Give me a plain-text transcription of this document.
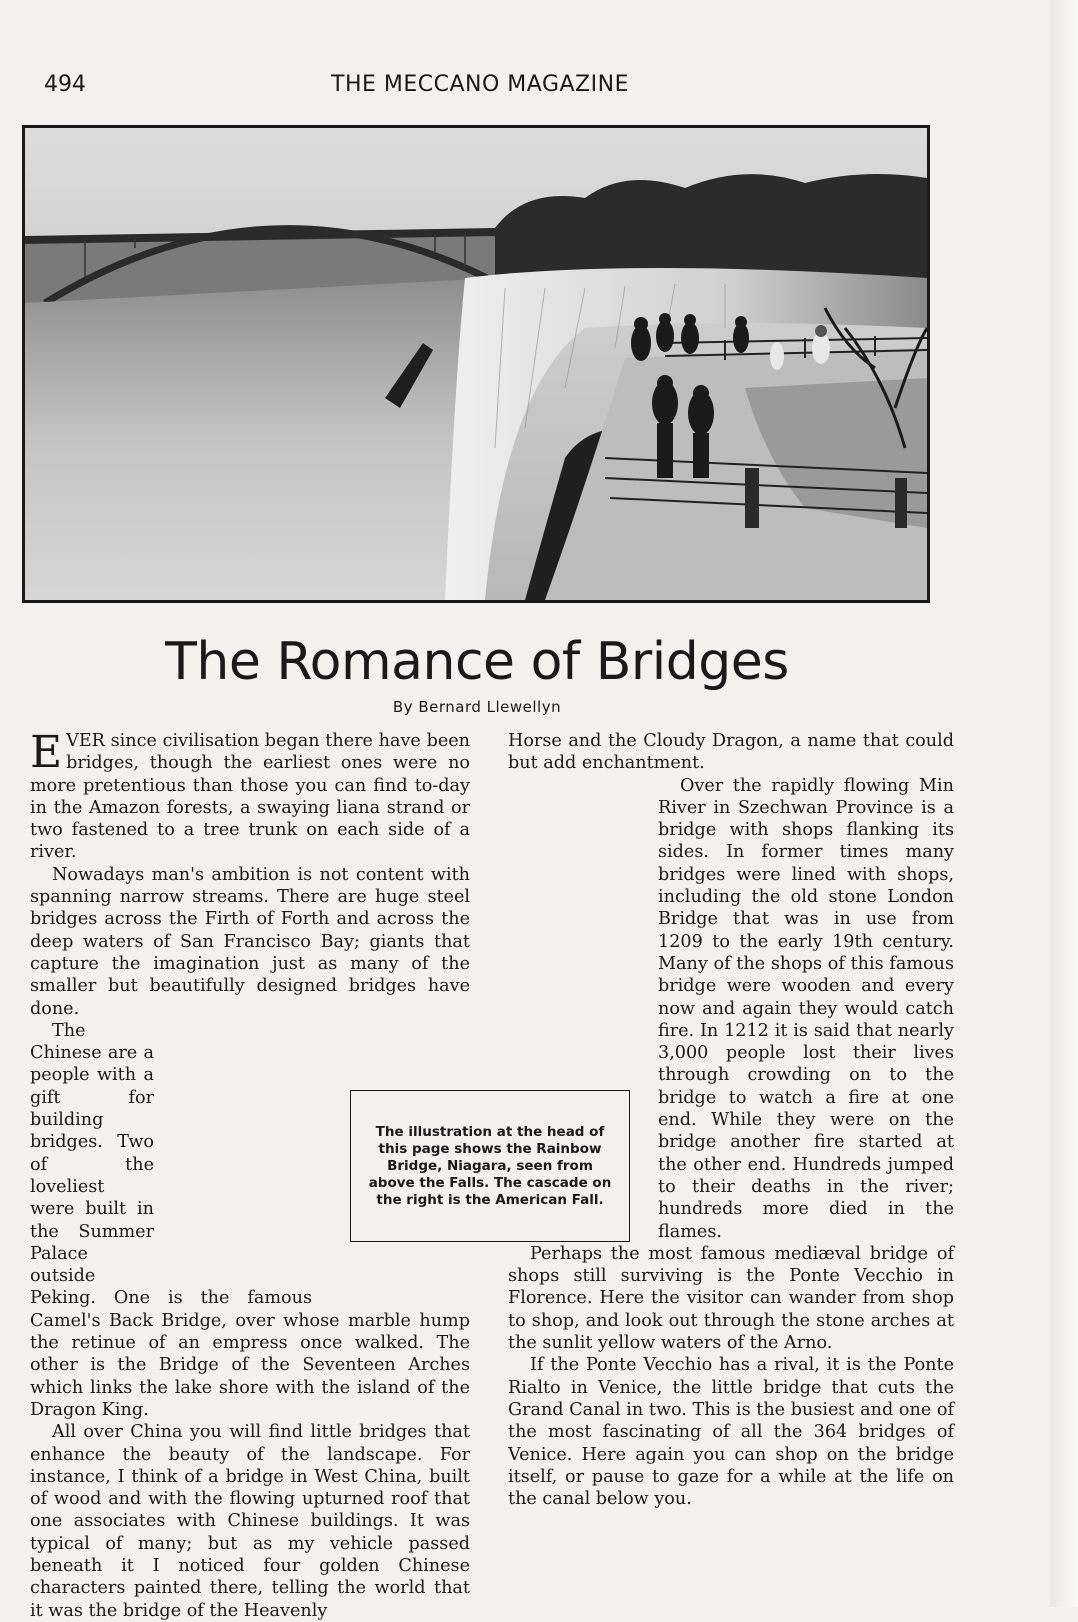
494	THE MECCANO MAGAZINE
The Romance of Bridges
By Bernard Llewellyn

EVER since civilisation began there have been bridges, though the earliest ones were no more pretentious than those you can find to-day in the Amazon forests, a swaying liana strand or two fastened to a tree trunk on each side of a river.

Nowadays man's ambition is not content with spanning narrow streams. There are huge steel bridges across the Firth of Forth and across the deep waters of San Francisco Bay; giants that capture the imagination just as many of the smaller but beautifully designed bridges have done.

The Chinese are a people with a gift for building bridges. Two of the loveliest were built in the Summer Palace outside Peking. One is the famous Camel's Back Bridge, over whose marble hump the retinue of an empress once walked. The other is the Bridge of the Seventeen Arches which links the lake shore with the island of the Dragon King.

All over China you will find little bridges that enhance the beauty of the landscape. For instance, I think of a bridge in West China, built of wood and with the flowing upturned roof that one associates with Chinese buildings. It was typical of many; but as my vehicle passed beneath it I noticed four golden Chinese characters painted there, telling the world that it was the bridge of the Heavenly

Horse and the Cloudy Dragon, a name that could but add enchantment.

Over the rapidly flowing Min River in Szechwan Province is a bridge with shops flanking its sides. In former times many bridges were lined with shops, including the old stone London Bridge that was in use from 1209 to the early 19th century. Many of the shops of this famous bridge were wooden and every now and again they would catch fire. In 1212 it is said that nearly 3,000 people lost their lives through crowding on to the bridge to watch a fire at one end. While they were on the bridge another fire started at the other end. Hundreds jumped to their deaths in the river; hundreds more died in the flames.

Perhaps the most famous mediæval bridge of shops still surviving is the Ponte Vecchio in Florence. Here the visitor can wander from shop to shop, and look out through the stone arches at the sunlit yellow waters of the Arno.

If the Ponte Vecchio has a rival, it is the Ponte Rialto in Venice, the little bridge that cuts the Grand Canal in two. This is the busiest and one of the most fascinating of all the 364 bridges of Venice. Here again you can shop on the bridge itself, or pause to gaze for a while at the life on the canal below you.

The illustration at the head of this page shows the Rainbow Bridge, Niagara, seen from above the Falls. The cascade on the right is the American Fall.
